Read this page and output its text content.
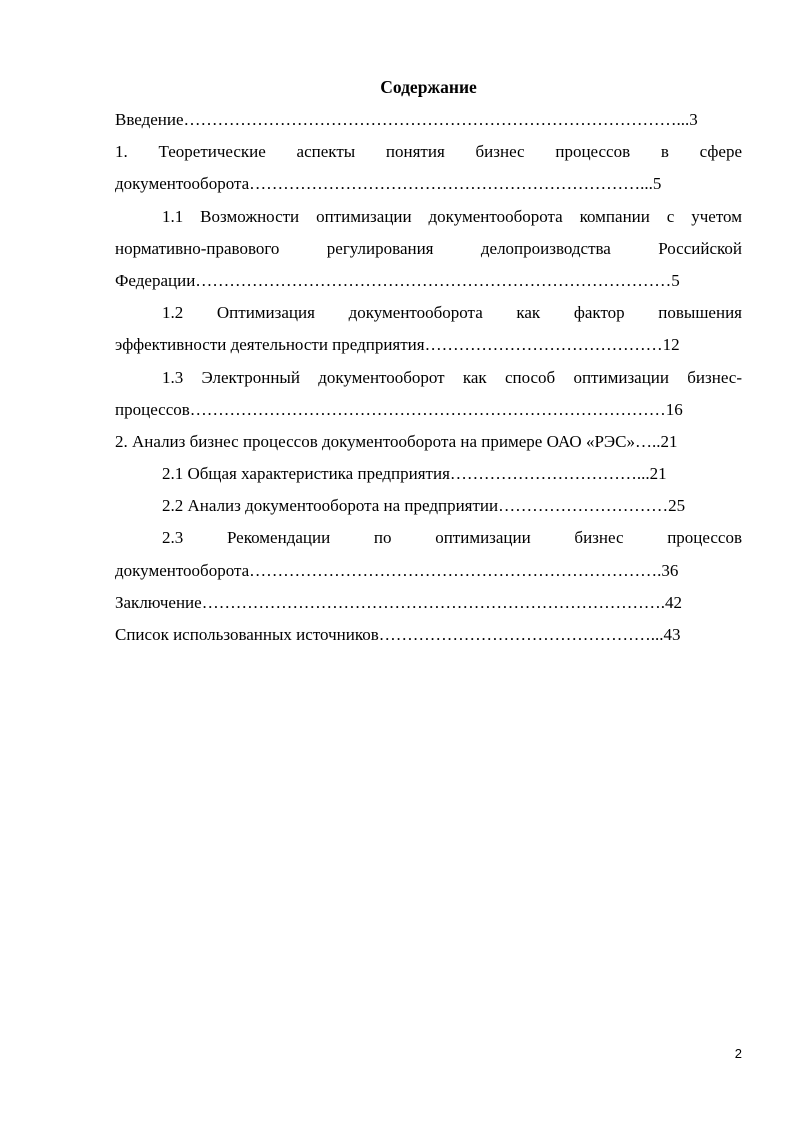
Содержание
Введение……………………………………………………………………………...3
1. Теоретические аспекты понятия бизнес процессов в сфере
документооборота……………………………………………………………...5
1.1 Возможности оптимизации документооборота компании с учетом
нормативно-правового регулирования делопроизводства Российской
Федерации…………………………………………………………………………5
1.2 Оптимизация документооборота как фактор повышения
эффективности деятельности предприятия……………………………………12
1.3 Электронный документооборот как способ оптимизации бизнес-
процессов…………………………………………………………………………16
2. Анализ бизнес процессов документооборота на примере ОАО «РЭС»…..21
2.1 Общая характеристика предприятия……………………………...21
2.2 Анализ документооборота на предприятии…………………………25
2.3 Рекомендации по оптимизации бизнес процессов
документооборота……………………………………………………………….36
Заключение……………………………………………………………………….42
Список использованных источников…………………………………………...43
2
